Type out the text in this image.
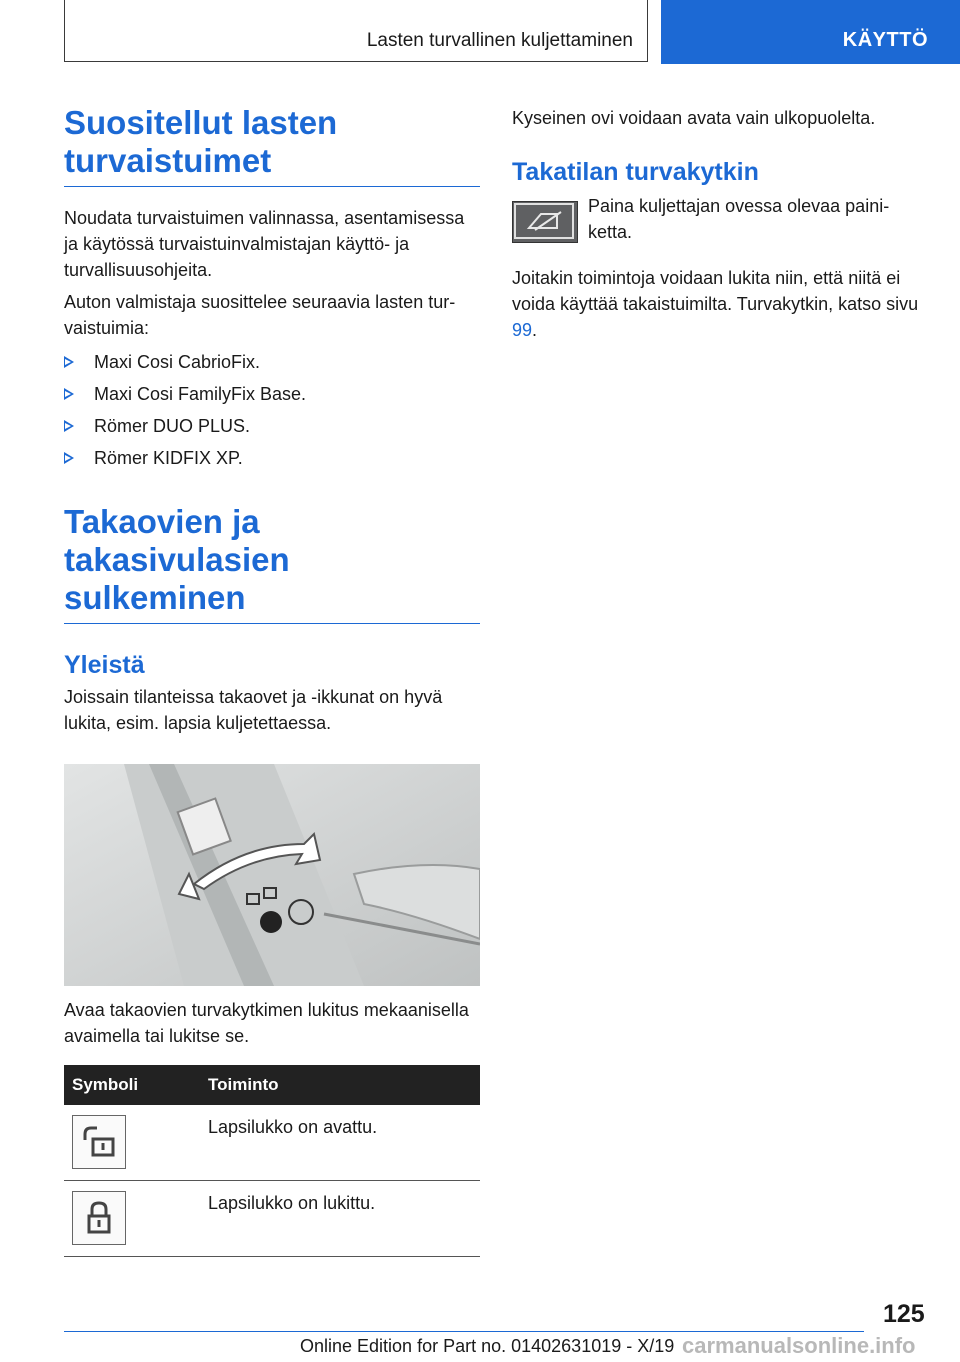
Lasten turvallinen kuljettaminen	KÄYTTÖ
Suositellut lasten turvaistuimet

Noudata turvaistuimen valinnassa, asentamisessa ja käytössä turvaistuinvalmistajan käyttö- ja turvallisuusohjeita.

Auton valmistaja suosittelee seuraavia lasten turvaistuimia:

Maxi Cosi CabrioFix.
Maxi Cosi FamilyFix Base.
Römer DUO PLUS.
Römer KIDFIX XP.
Takaovien ja takasivulasien sulkeminen
Yleistä

Joissain tilanteissa takaovet ja -ikkunat on hyvä lukita, esim. lapsia kuljetettaessa.

Avaa takaovien turvakytkimen lukitus mekaanisella avaimella tai lukitse se.

Symboli	Toiminto

	Lapsilukko on avattu.

	Lapsilukko on lukittu.

Kyseinen ovi voidaan avata vain ulkopuolelta.

Takatilan turvakytkin

Paina kuljettajan ovessa olevaa painiketta.

Joitakin toimintoja voidaan lukita niin, että niitä ei voida käyttää takaistuimilta. Turvakytkin, katso sivu 99.

125
Online Edition for Part no. 01402631019 - X/19 carmanualsonline.info
